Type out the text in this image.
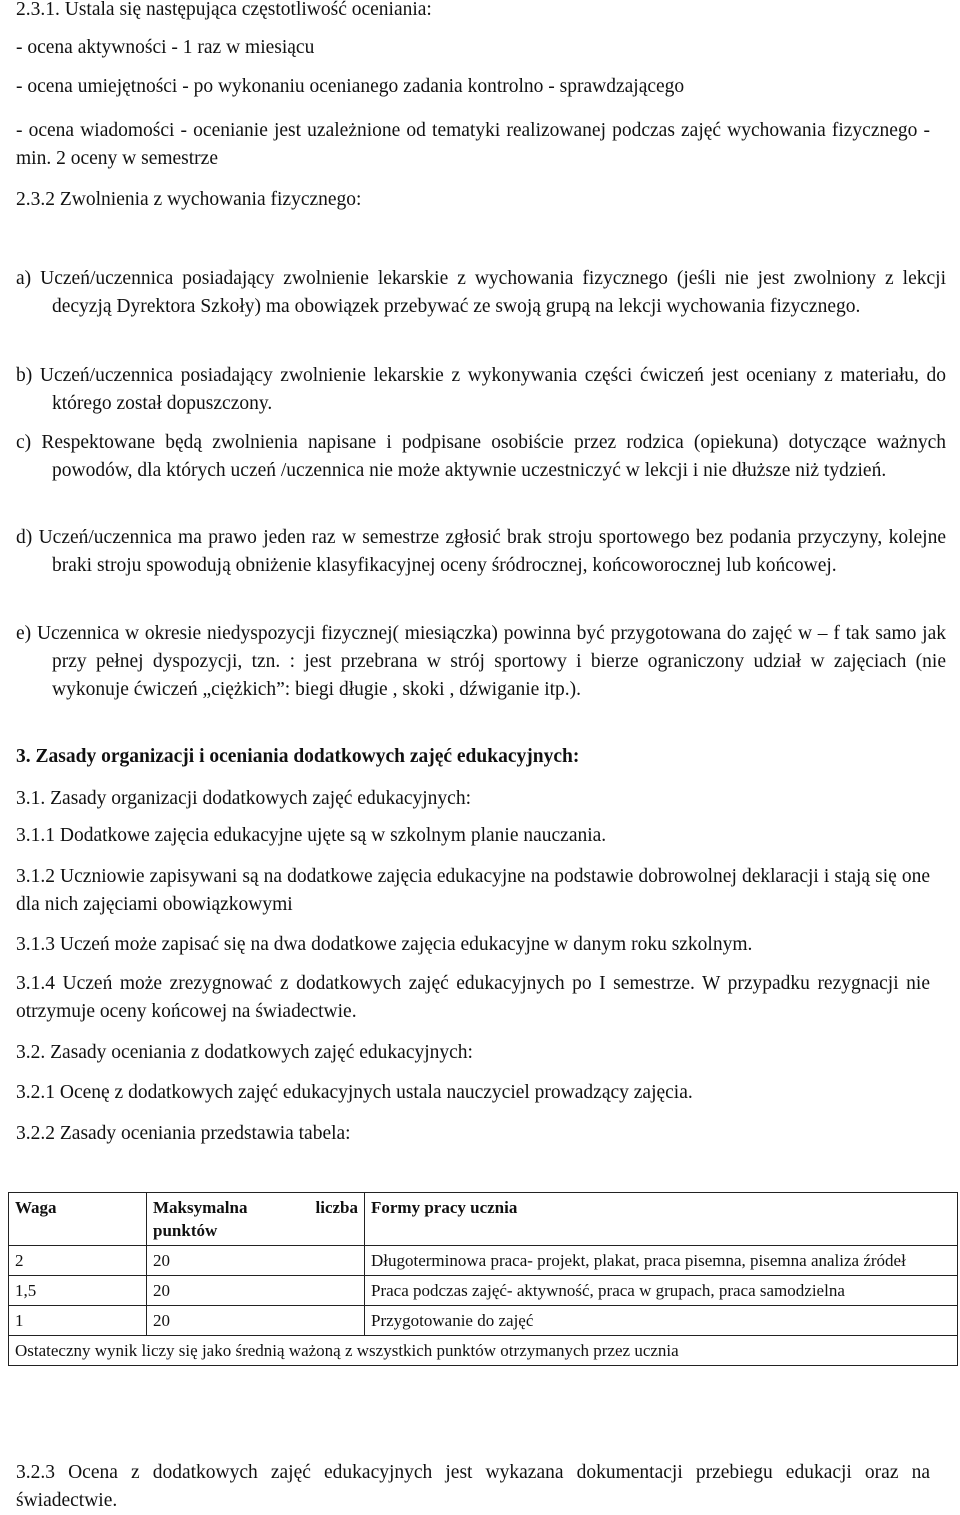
2.3.1. Ustala się następująca częstotliwość oceniania:

- ocena aktywności - 1 raz w miesiącu

- ocena umiejętności - po wykonaniu ocenianego zadania kontrolno - sprawdzającego

- ocena wiadomości - ocenianie jest uzależnione od tematyki realizowanej podczas zajęć wychowania fizycznego - min. 2 oceny w semestrze

2.3.2 Zwolnienia z wychowania fizycznego:

a) Uczeń/uczennica posiadający zwolnienie lekarskie z wychowania fizycznego (jeśli nie jest zwolniony z lekcji decyzją Dyrektora Szkoły) ma obowiązek przebywać ze swoją grupą na lekcji wychowania fizycznego.

b) Uczeń/uczennica posiadający zwolnienie lekarskie z wykonywania części ćwiczeń jest oceniany z materiału, do którego został dopuszczony.

c) Respektowane będą zwolnienia napisane i podpisane osobiście przez rodzica (opiekuna) dotyczące ważnych powodów, dla których uczeń /uczennica nie może aktywnie uczestniczyć w lekcji i nie dłuższe niż tydzień.

d) Uczeń/uczennica ma prawo jeden raz w semestrze zgłosić brak stroju sportowego bez podania przyczyny, kolejne braki stroju spowodują obniżenie klasyfikacyjnej oceny śródrocznej, końcoworocznej lub końcowej.

e) Uczennica w okresie niedyspozycji fizycznej( miesiączka) powinna być przygotowana do zajęć w – f tak samo jak przy pełnej dyspozycji, tzn. : jest przebrana w strój sportowy i bierze ograniczony udział w zajęciach (nie wykonuje ćwiczeń „ciężkich”: biegi długie , skoki , dźwiganie itp.).

3. Zasady organizacji i oceniania dodatkowych zajęć edukacyjnych:

3.1. Zasady organizacji dodatkowych zajęć edukacyjnych:

3.1.1 Dodatkowe zajęcia edukacyjne ujęte są w szkolnym planie nauczania.

3.1.2 Uczniowie zapisywani są na dodatkowe zajęcia edukacyjne na podstawie dobrowolnej deklaracji i stają się one dla nich zajęciami obowiązkowymi

3.1.3 Uczeń może zapisać się na dwa dodatkowe zajęcia edukacyjne w danym roku szkolnym.

3.1.4 Uczeń może zrezygnować z dodatkowych zajęć edukacyjnych po I semestrze. W przypadku rezygnacji nie otrzymuje oceny końcowej na świadectwie.

3.2. Zasady oceniania z dodatkowych zajęć edukacyjnych:

3.2.1 Ocenę z dodatkowych zajęć edukacyjnych ustala nauczyciel prowadzący zajęcia.

3.2.2 Zasady oceniania przedstawia tabela:

Waga	Maksymalna liczba punktów	Formy pracy ucznia
2	20	Długoterminowa praca- projekt, plakat, praca pisemna, pisemna analiza źródeł
1,5	20	Praca podczas zajęć- aktywność, praca w grupach, praca samodzielna
1	20	Przygotowanie do zajęć
Ostateczny wynik liczy się jako średnią ważoną z wszystkich punktów otrzymanych przez ucznia		

3.2.3 Ocena z dodatkowych zajęć edukacyjnych jest wykazana dokumentacji przebiegu edukacji oraz na świadectwie.
